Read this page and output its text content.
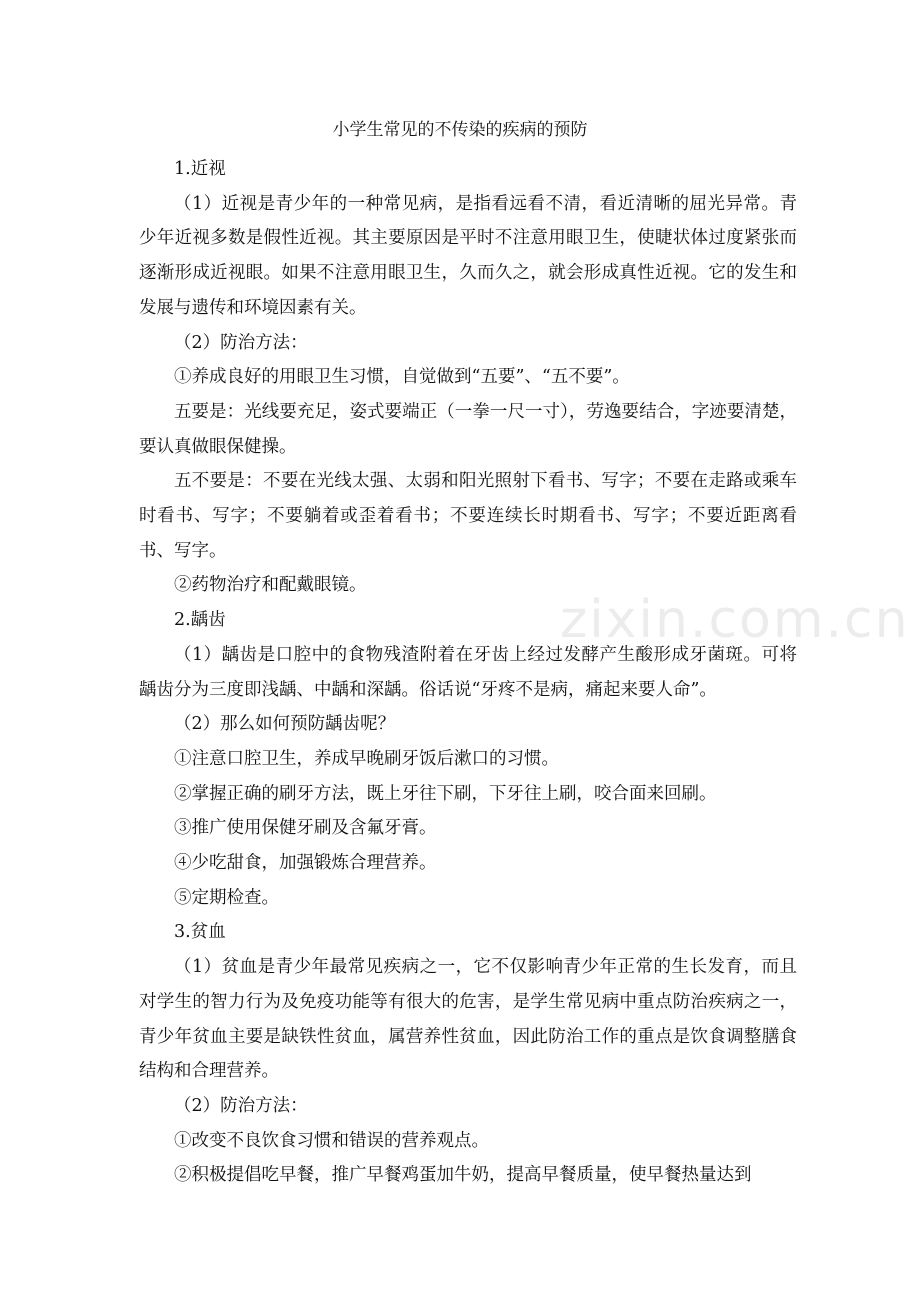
小学生常见的不传染的疾病的预防
zixin.com.cn

1.近视

（1）近视是青少年的一种常见病，是指看远看不清，看近清晰的屈光异常。青少年近视多数是假性近视。其主要原因是平时不注意用眼卫生，使睫状体过度紧张而逐渐形成近视眼。如果不注意用眼卫生，久而久之，就会形成真性近视。它的发生和发展与遗传和环境因素有关。

（2）防治方法：

①养成良好的用眼卫生习惯，自觉做到“五要”、“五不要”。

五要是：光线要充足，姿式要端正（一拳一尺一寸），劳逸要结合，字迹要清楚，要认真做眼保健操。

五不要是：不要在光线太强、太弱和阳光照射下看书、写字；不要在走路或乘车时看书、写字；不要躺着或歪着看书；不要连续长时期看书、写字；不要近距离看书、写字。

②药物治疗和配戴眼镜。

2.龋齿

（1）龋齿是口腔中的食物残渣附着在牙齿上经过发酵产生酸形成牙菌斑。可将龋齿分为三度即浅龋、中龋和深龋。俗话说“牙疼不是病，痛起来要人命”。

（2）那么如何预防龋齿呢？

①注意口腔卫生，养成早晚刷牙饭后漱口的习惯。

②掌握正确的刷牙方法，既上牙往下刷，下牙往上刷，咬合面来回刷。

③推广使用保健牙刷及含氟牙膏。

④少吃甜食，加强锻炼合理营养。

⑤定期检查。

3.贫血

（1）贫血是青少年最常见疾病之一，它不仅影响青少年正常的生长发育，而且对学生的智力行为及免疫功能等有很大的危害，是学生常见病中重点防治疾病之一，青少年贫血主要是缺铁性贫血，属营养性贫血，因此防治工作的重点是饮食调整膳食结构和合理营养。

（2）防治方法：

①改变不良饮食习惯和错误的营养观点。

②积极提倡吃早餐，推广早餐鸡蛋加牛奶，提高早餐质量，使早餐热量达到
